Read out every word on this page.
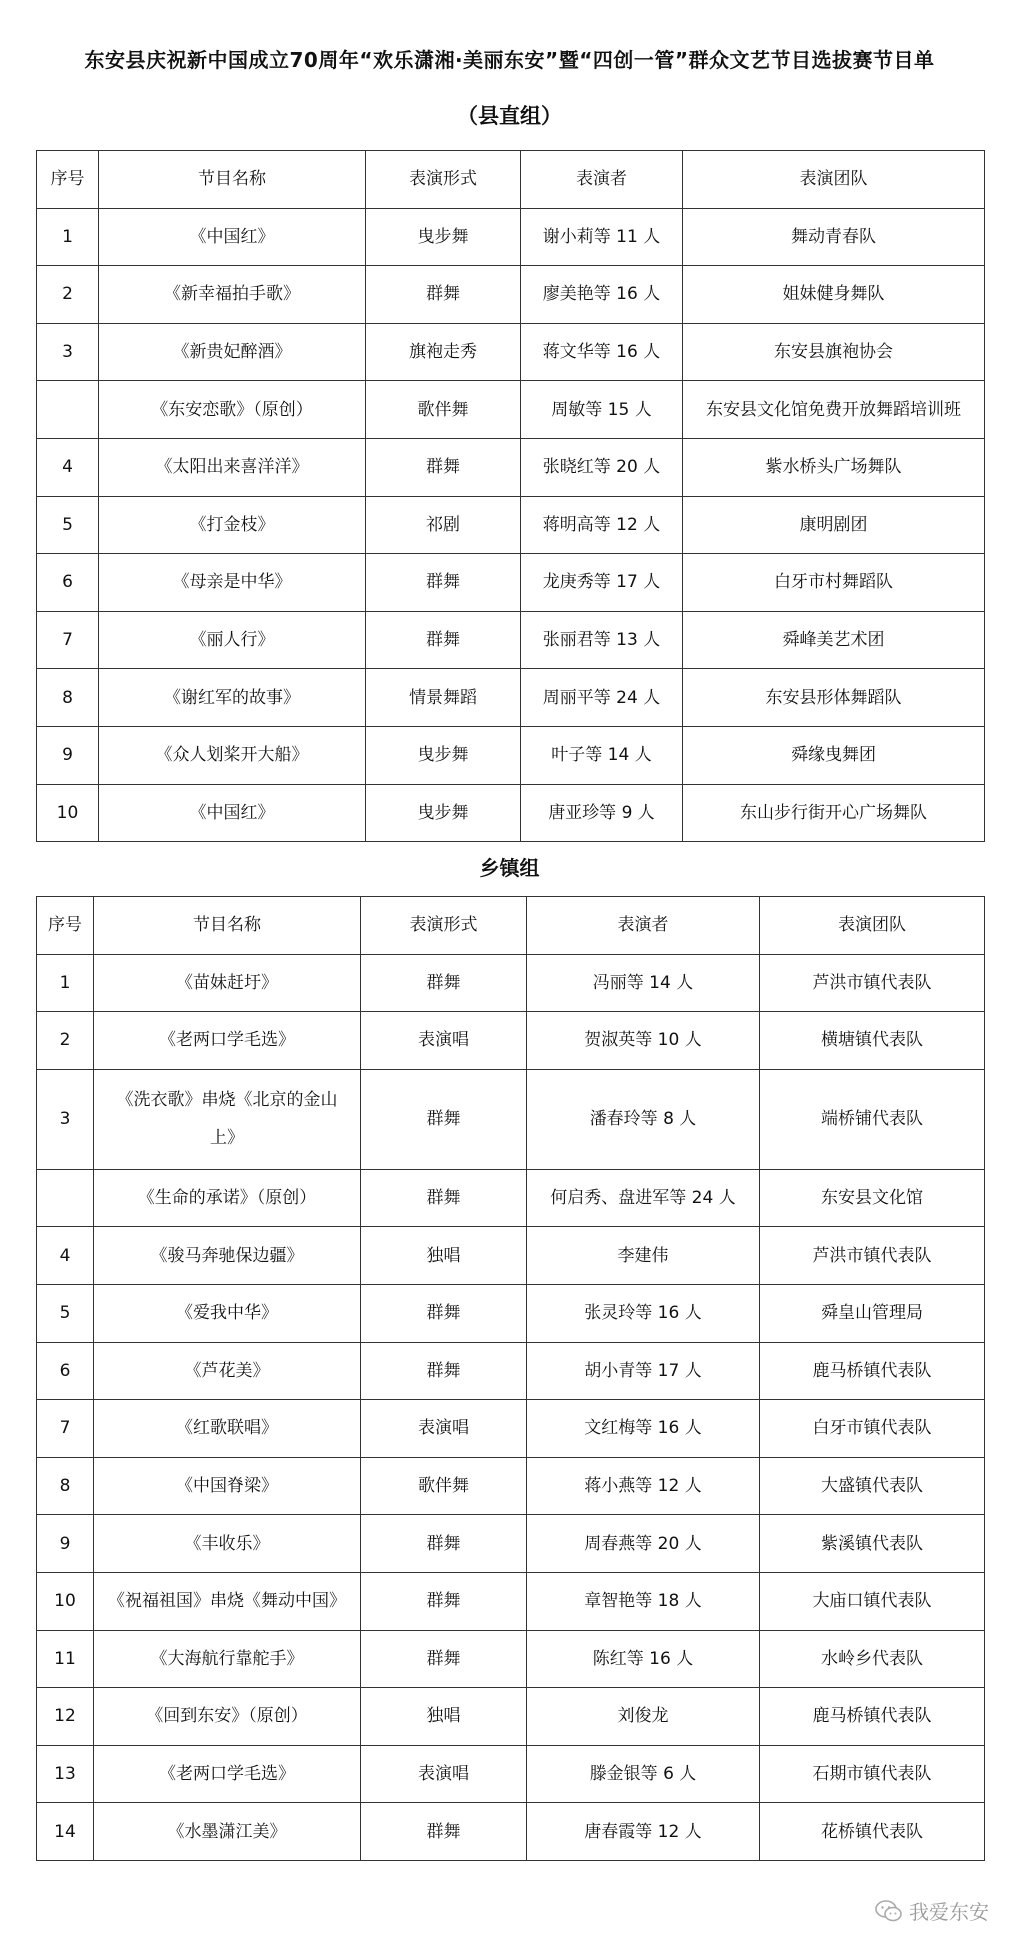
东安县庆祝新中国成立70周年“欢乐潇湘·美丽东安”暨“四创一管”群众文艺节目选拔赛节目单
（县直组）
序号	节目名称	表演形式	表演者	表演团队
1	《中国红》	曳步舞	谢小莉等 11 人	舞动青春队
2	《新幸福拍手歌》	群舞	廖美艳等 16 人	姐妹健身舞队
3	《新贵妃醉酒》	旗袍走秀	蒋文华等 16 人	东安县旗袍协会
	《东安恋歌》（原创）	歌伴舞	周敏等 15 人	东安县文化馆免费开放舞蹈培训班
4	《太阳出来喜洋洋》	群舞	张晓红等 20 人	紫水桥头广场舞队
5	《打金枝》	祁剧	蒋明高等 12 人	康明剧团
6	《母亲是中华》	群舞	龙庚秀等 17 人	白牙市村舞蹈队
7	《丽人行》	群舞	张丽君等 13 人	舜峰美艺术团
8	《谢红军的故事》	情景舞蹈	周丽平等 24 人	东安县形体舞蹈队
9	《众人划桨开大船》	曳步舞	叶子等 14 人	舜缘曳舞团
10	《中国红》	曳步舞	唐亚珍等 9 人	东山步行街开心广场舞队
乡镇组
序号	节目名称	表演形式	表演者	表演团队
1	《苗妹赶圩》	群舞	冯丽等 14 人	芦洪市镇代表队
2	《老两口学毛选》	表演唱	贺淑英等 10 人	横塘镇代表队
3	《洗衣歌》串烧《北京的金山上》	群舞	潘春玲等 8 人	端桥铺代表队
	《生命的承诺》（原创）	群舞	何启秀、盘进军等 24 人	东安县文化馆
4	《骏马奔驰保边疆》	独唱	李建伟	芦洪市镇代表队
5	《爱我中华》	群舞	张灵玲等 16 人	舜皇山管理局
6	《芦花美》	群舞	胡小青等 17 人	鹿马桥镇代表队
7	《红歌联唱》	表演唱	文红梅等 16 人	白牙市镇代表队
8	《中国脊梁》	歌伴舞	蒋小燕等 12 人	大盛镇代表队
9	《丰收乐》	群舞	周春燕等 20 人	紫溪镇代表队
10	《祝福祖国》串烧《舞动中国》	群舞	章智艳等 18 人	大庙口镇代表队
11	《大海航行靠舵手》	群舞	陈红等 16 人	水岭乡代表队
12	《回到东安》（原创）	独唱	刘俊龙	鹿马桥镇代表队
13	《老两口学毛选》	表演唱	滕金银等 6 人	石期市镇代表队
14	《水墨潇江美》	群舞	唐春霞等 12 人	花桥镇代表队
我爱东安
